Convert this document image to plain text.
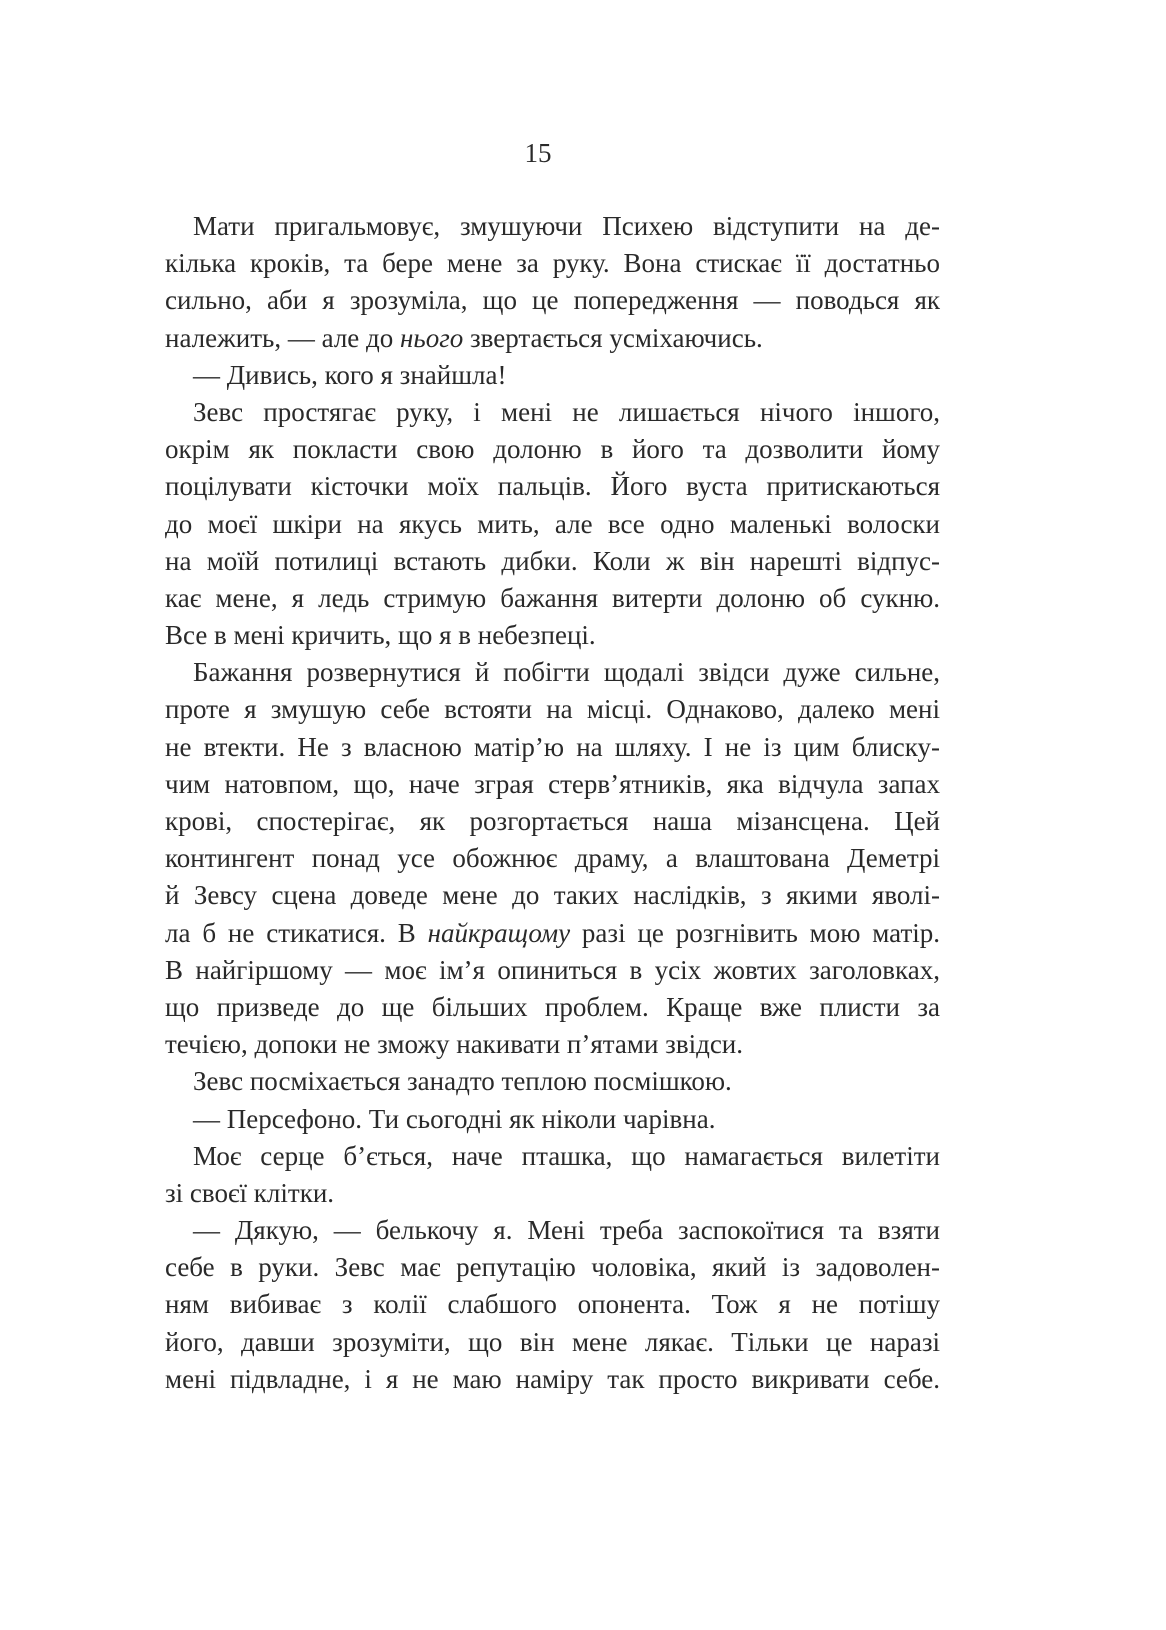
15
Мати пригальмовує, змушуючи Психею відступити на де-
кілька кроків, та бере мене за руку. Вона стискає її достатньо
сильно, аби я зрозуміла, що це попередження — поводься як
належить, — але до нього звертається усміхаючись.
— Дивись, кого я знайшла!
Зевс простягає руку, і мені не лишається нічого іншого,
окрім як покласти свою долоню в його та дозволити йому
поцілувати кісточки моїх пальців. Його вуста притискаються
до моєї шкіри на якусь мить, але все одно маленькі волоски
на моїй потилиці встають дибки. Коли ж він нарешті відпус-
кає мене, я ледь стримую бажання витерти долоню об сукню.
Все в мені кричить, що я в небезпеці.
Бажання розвернутися й побігти щодалі звідси дуже сильне,
проте я змушую себе встояти на місці. Однаково, далеко мені
не втекти. Не з власною матір’ю на шляху. І не із цим блиску-
чим натовпом, що, наче зграя стерв’ятників, яка відчула запах
крові, спостерігає, як розгортається наша мізансцена. Цей
контингент понад усе обожнює драму, а влаштована Деметрі
й Зевсу сцена доведе мене до таких наслідків, з якими яволі-
ла б не стикатися. В найкращому разі це розгнівить мою матір.
В найгіршому — моє ім’я опиниться в усіх жовтих заголовках,
що призведе до ще більших проблем. Краще вже плисти за
течією, допоки не зможу накивати п’ятами звідси.
Зевс посміхається занадто теплою посмішкою.
— Персефоно. Ти сьогодні як ніколи чарівна.
Моє серце б’ється, наче пташка, що намагається вилетіти
зі своєї клітки.
— Дякую, — белькочу я. Мені треба заспокоїтися та взяти
себе в руки. Зевс має репутацію чоловіка, який із задоволен-
ням вибиває з колії слабшого опонента. Тож я не потішу
його, давши зрозуміти, що він мене лякає. Тільки це наразі
мені підвладне, і я не маю наміру так просто викривати себе.
